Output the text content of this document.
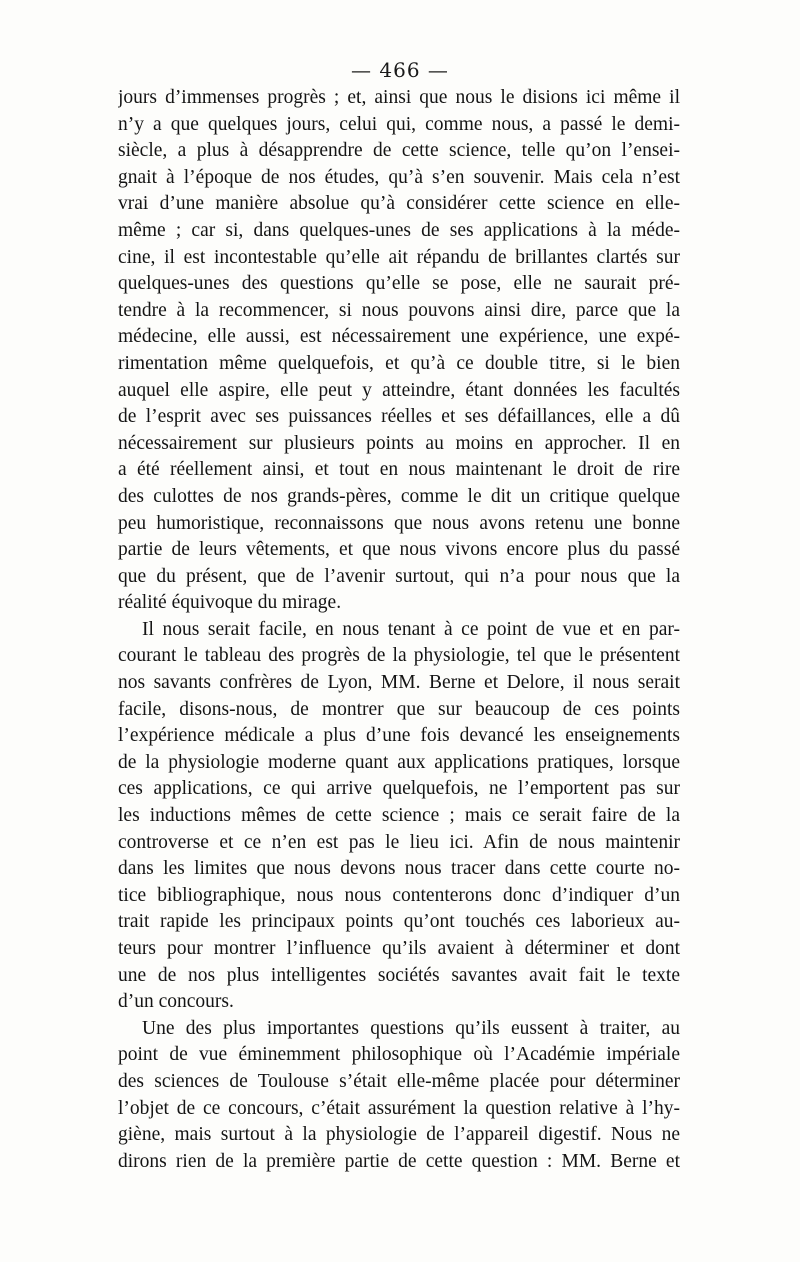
— 466 —
jours d’immenses progrès ; et, ainsi que nous le disions ici même il
n’y a que quelques jours, celui qui, comme nous, a passé le demi-
siècle, a plus à désapprendre de cette science, telle qu’on l’ensei-
gnait à l’époque de nos études, qu’à s’en souvenir. Mais cela n’est
vrai d’une manière absolue qu’à considérer cette science en elle-
même ; car si, dans quelques-unes de ses applications à la méde-
cine, il est incontestable qu’elle ait répandu de brillantes clartés sur
quelques-unes des questions qu’elle se pose, elle ne saurait pré-
tendre à la recommencer, si nous pouvons ainsi dire, parce que la
médecine, elle aussi, est nécessairement une expérience, une expé-
rimentation même quelquefois, et qu’à ce double titre, si le bien
auquel elle aspire, elle peut y atteindre, étant données les facultés
de l’esprit avec ses puissances réelles et ses défaillances, elle a dû
nécessairement sur plusieurs points au moins en approcher. Il en
a été réellement ainsi, et tout en nous maintenant le droit de rire
des culottes de nos grands-pères, comme le dit un critique quelque
peu humoristique, reconnaissons que nous avons retenu une bonne
partie de leurs vêtements, et que nous vivons encore plus du passé
que du présent, que de l’avenir surtout, qui n’a pour nous que la
réalité équivoque du mirage.
Il nous serait facile, en nous tenant à ce point de vue et en par-
courant le tableau des progrès de la physiologie, tel que le présentent
nos savants confrères de Lyon, MM. Berne et Delore, il nous serait
facile, disons-nous, de montrer que sur beaucoup de ces points
l’expérience médicale a plus d’une fois devancé les enseignements
de la physiologie moderne quant aux applications pratiques, lorsque
ces applications, ce qui arrive quelquefois, ne l’emportent pas sur
les inductions mêmes de cette science ; mais ce serait faire de la
controverse et ce n’en est pas le lieu ici. Afin de nous maintenir
dans les limites que nous devons nous tracer dans cette courte no-
tice bibliographique, nous nous contenterons donc d’indiquer d’un
trait rapide les principaux points qu’ont touchés ces laborieux au-
teurs pour montrer l’influence qu’ils avaient à déterminer et dont
une de nos plus intelligentes sociétés savantes avait fait le texte
d’un concours.
Une des plus importantes questions qu’ils eussent à traiter, au
point de vue éminemment philosophique où l’Académie impériale
des sciences de Toulouse s’était elle-même placée pour déterminer
l’objet de ce concours, c’était assurément la question relative à l’hy-
giène, mais surtout à la physiologie de l’appareil digestif. Nous ne
dirons rien de la première partie de cette question : MM. Berne et
